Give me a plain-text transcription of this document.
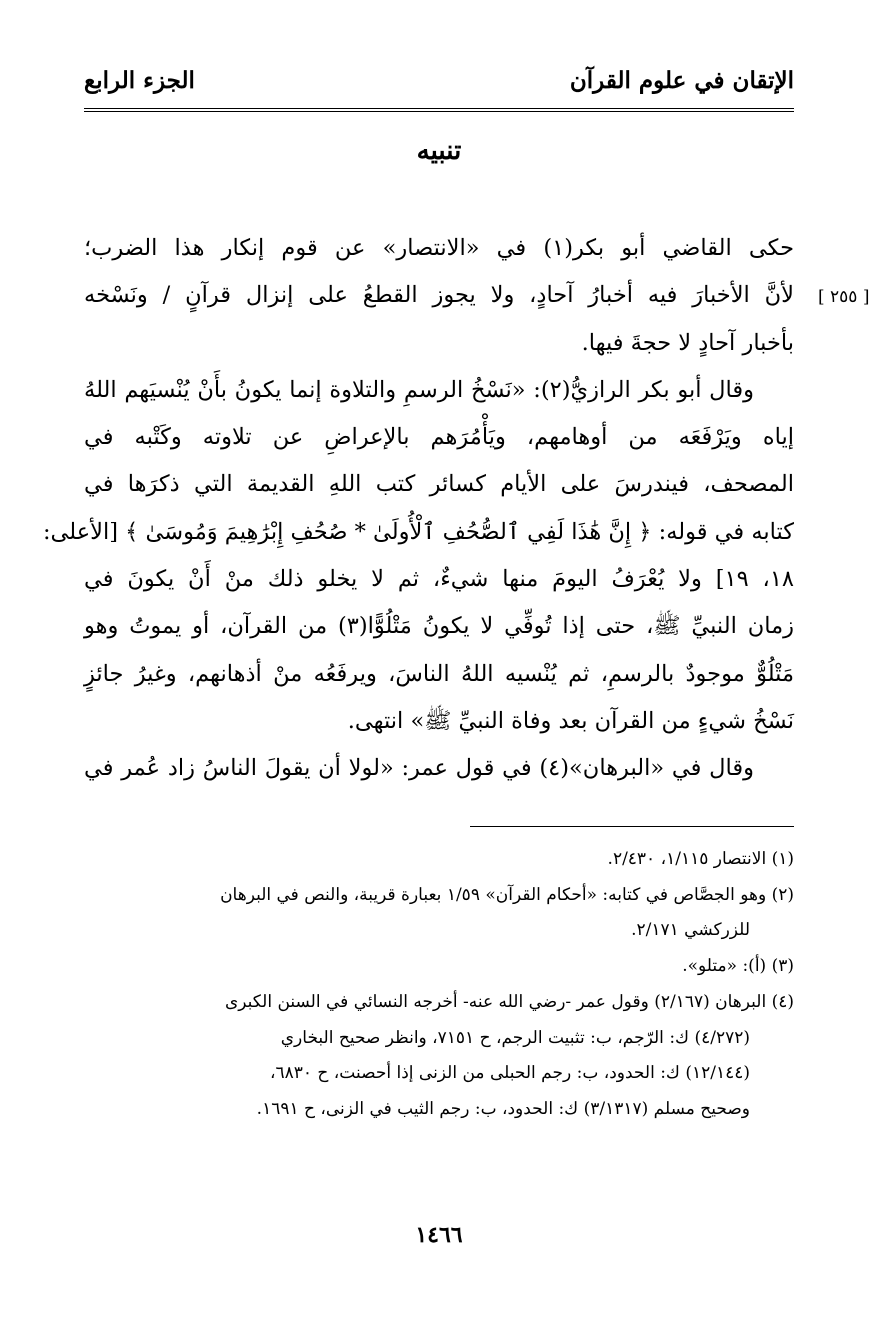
الإتقان في علوم القرآن
الجزء الرابع
تنبيه
[ ٢٥٥ ]
حكى القاضي أبو بكر(١) في «الانتصار» عن قوم إنكار هذا الضرب؛
لأنَّ الأخبارَ فيه أخبارُ آحادٍ، ولا يجوز القطعُ على إنزال قرآنٍ / ونَسْخه
بأخبار آحادٍ لا حجةَ فيها.
وقال أبو بكر الرازيُّ(٢): «نَسْخُ الرسمِ والتلاوة إنما يكونُ بأَنْ يُنْسيَهم اللهُ
إياه ويَرْفَعَه من أوهامهم، ويَأْمُرَهم بالإعراضِ عن تلاوته وكَتْبه في
المصحف، فيندرسَ على الأيام كسائر كتب اللهِ القديمة التي ذكرَها في
كتابه في قوله: ﴿ إِنَّ هَٰذَا لَفِي ٱلصُّحُفِ ٱلْأُولَىٰ * صُحُفِ إِبْرَٰهِيمَ وَمُوسَىٰ ﴾ [الأعلى:
١٨، ١٩] ولا يُعْرَفُ اليومَ منها شيءٌ، ثم لا يخلو ذلك منْ أَنْ يكونَ في
زمان النبيِّ ﷺ، حتى إذا تُوفِّي لا يكونُ مَتْلُوًّا(٣) من القرآن، أو يموتُ وهو
مَتْلُوٌّ موجودٌ بالرسمِ، ثم يُنْسيه اللهُ الناسَ، ويرفَعُه منْ أذهانهم، وغيرُ جائزٍ
نَسْخُ شيءٍ من القرآن بعد وفاة النبيِّ ﷺ» انتهى.
وقال في «البرهان»(٤) في قول عمر: «لولا أن يقولَ الناسُ زاد عُمر في
(١) الانتصار ١/١١٥، ٢/٤٣٠.
(٢) وهو الجصَّاص في كتابه: «أحكام القرآن» ١/٥٩ بعبارة قريبة، والنص في البرهان
للزركشي ٢/١٧١.
(٣) (أ): «متلو».
(٤) البرهان (٢/١٦٧) وقول عمر -رضي الله عنه- أخرجه النسائي في السنن الكبرى
(٤/٢٧٢) ك: الرّجم، ب: تثبيت الرجم، ح ٧١٥١، وانظر صحيح البخاري
(١٢/١٤٤) ك: الحدود، ب: رجم الحبلى من الزنى إذا أحصنت، ح ٦٨٣٠،
وصحيح مسلم (٣/١٣١٧) ك: الحدود، ب: رجم الثيب في الزنى، ح ١٦٩١.
١٤٦٦
